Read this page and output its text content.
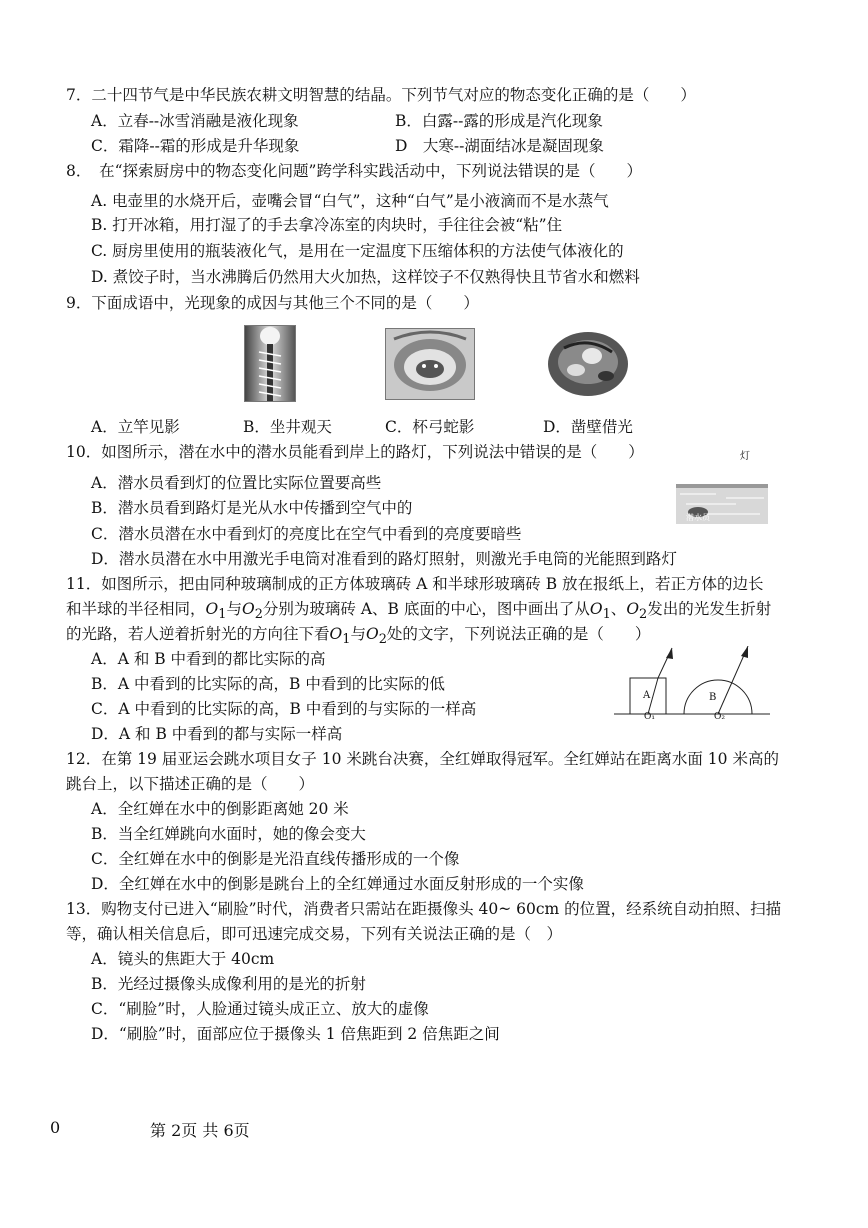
7．二十四节气是中华民族农耕文明智慧的结晶。下列节气对应的物态变化正确的是（　　）
A．立春--冰雪消融是液化现象	B．白露--露的形成是汽化现象
C．霜降--霜的形成是升华现象	D　大寒--湖面结冰是凝固现象
8．　在“探索厨房中的物态变化问题”跨学科实践活动中，下列说法错误的是（　　）
A. 电壶里的水烧开后，壶嘴会冒“白气”，这种“白气”是小液滴而不是水蒸气
B. 打开冰箱，用打湿了的手去拿冷冻室的肉块时，手往往会被“粘”住
C. 厨房里使用的瓶装液化气，是用在一定温度下压缩体积的方法使气体液化的
D. 煮饺子时，当水沸腾后仍然用大火加热，这样饺子不仅熟得快且节省水和燃料
9．下面成语中，光现象的成因与其他三个不同的是（　　）
A．立竿见影	B．坐井观天	C．杯弓蛇影	D．凿壁借光
10．如图所示，潜在水中的潜水员能看到岸上的路灯，下列说法中错误的是（　　）	灯
A．潜水员看到灯的位置比实际位置要高些
B．潜水员看到路灯是光从水中传播到空气中的
C．潜水员潜在水中看到灯的亮度比在空气中看到的亮度要暗些
D．潜水员潜在水中用激光手电筒对准看到的路灯照射，则激光手电筒的光能照到路灯
潜水员
11．如图所示，把由同种玻璃制成的正方体玻璃砖 A 和半球形玻璃砖 B 放在报纸上，若正方体的边长
和半球的半径相同，$O_1$与$O_2$分别为玻璃砖 A、B 底面的中心，图中画出了从$O_1$、$O_2$发出的光发生折射
的光路，若人逆着折射光的方向往下看$O_1$与$O_2$处的文字，下列说法正确的是（　　）
A．A 和 B 中看到的都比实际的高
B．A 中看到的比实际的高，B 中看到的比实际的低
C．A 中看到的比实际的高，B 中看到的与实际的一样高
D．A 和 B 中看到的都与实际一样高
A	B
O₁	O₂
12．在第 19 届亚运会跳水项目女子 10 米跳台决赛，全红婵取得冠军。全红婵站在距离水面 10 米高的
跳台上，以下描述正确的是（　　）
A．全红婵在水中的倒影距离她 20 米
B．当全红婵跳向水面时，她的像会变大
C．全红婵在水中的倒影是光沿直线传播形成的一个像
D．全红婵在水中的倒影是跳台上的全红婵通过水面反射形成的一个实像
13．购物支付已进入“刷脸”时代，消费者只需站在距摄像头 40~ 60cm 的位置，经系统自动拍照、扫描
等，确认相关信息后，即可迅速完成交易，下列有关说法正确的是（　）
A．镜头的焦距大于 40cm
B．光经过摄像头成像利用的是光的折射
C．“刷脸”时，人脸通过镜头成正立、放大的虚像
D．“刷脸”时，面部应位于摄像头 1 倍焦距到 2 倍焦距之间
0	第 2页 共 6页
